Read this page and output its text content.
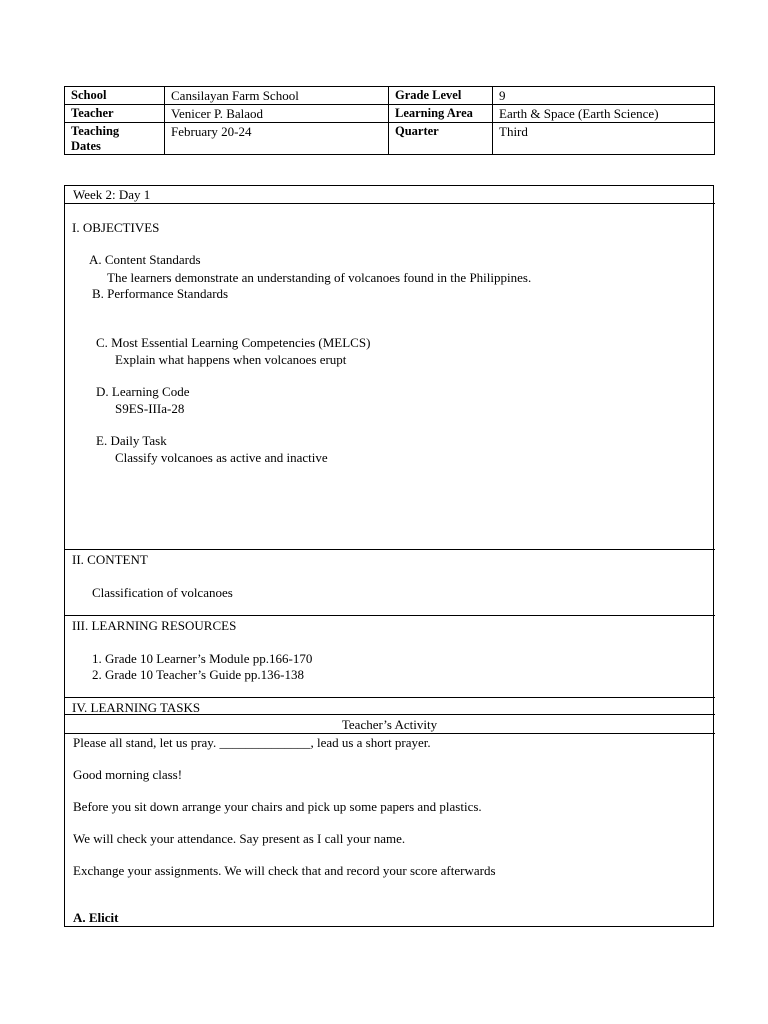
School	Cansilayan Farm School	Grade Level	9
Teacher	Venicer P. Balaod	Learning Area	Earth & Space (Earth Science)

Teaching
Dates	February 20-24	Quarter	Third
Week 2: Day 1
I. OBJECTIVES
A. Content Standards
The learners demonstrate an understanding of volcanoes found in the Philippines.
B. Performance Standards
C. Most Essential Learning Competencies (MELCS)
Explain what happens when volcanoes erupt
D. Learning Code
S9ES-IIIa-28
E. Daily Task
Classify volcanoes as active and inactive
II. CONTENT
Classification of volcanoes
III. LEARNING RESOURCES
1. Grade 10 Learner’s Module pp.166-170
2. Grade 10 Teacher’s Guide pp.136-138
IV. LEARNING TASKS
Teacher’s Activity
Please all stand, let us pray. ______________, lead us a short prayer.
Good morning class!
Before you sit down arrange your chairs and pick up some papers and plastics.
We will check your attendance. Say present as I call your name.
Exchange your assignments. We will check that and record your score afterwards
A. Elicit
